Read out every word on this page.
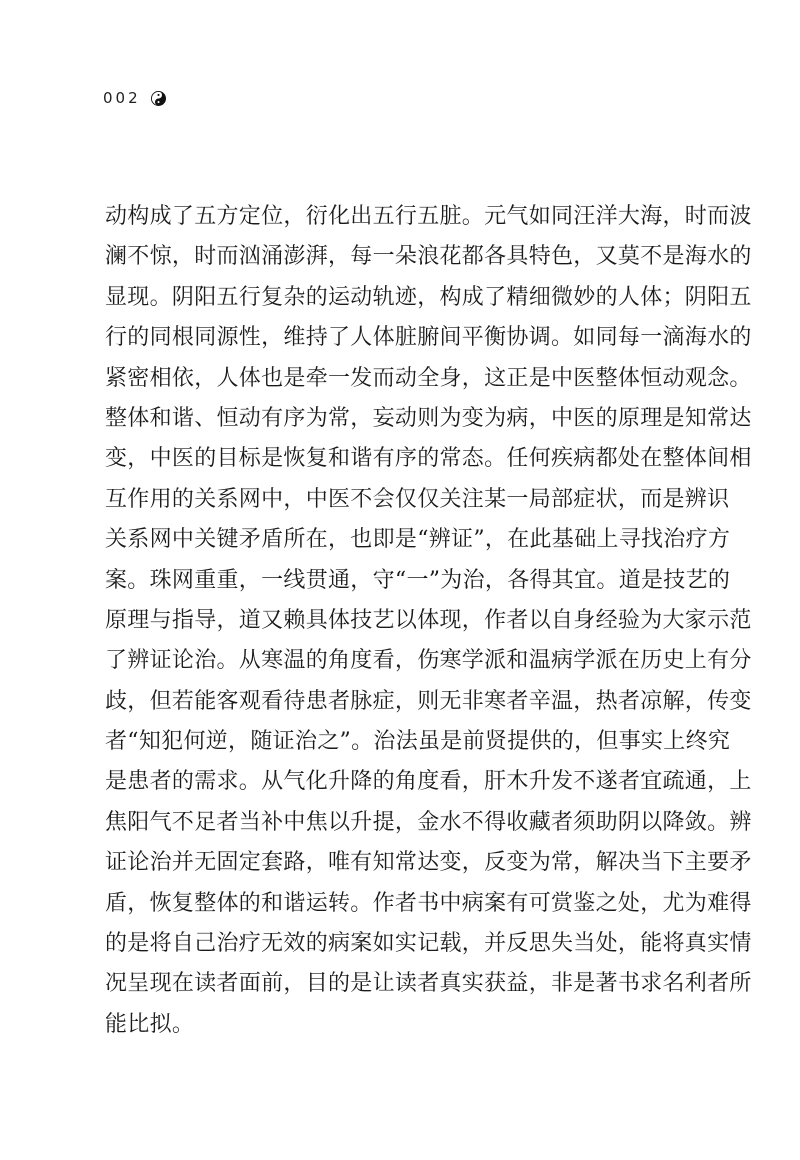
002
动构成了五方定位，衍化出五行五脏。元气如同汪洋大海，时而波
澜不惊，时而汹涌澎湃，每一朵浪花都各具特色，又莫不是海水的
显现。阴阳五行复杂的运动轨迹，构成了精细微妙的人体；阴阳五
行的同根同源性，维持了人体脏腑间平衡协调。如同每一滴海水的
紧密相依，人体也是牵一发而动全身，这正是中医整体恒动观念。
整体和谐、恒动有序为常，妄动则为变为病，中医的原理是知常达
变，中医的目标是恢复和谐有序的常态。任何疾病都处在整体间相
互作用的关系网中，中医不会仅仅关注某一局部症状，而是辨识
关系网中关键矛盾所在，也即是“辨证”，在此基础上寻找治疗方
案。珠网重重，一线贯通，守“一”为治，各得其宜。道是技艺的
原理与指导，道又赖具体技艺以体现，作者以自身经验为大家示范
了辨证论治。从寒温的角度看，伤寒学派和温病学派在历史上有分
歧，但若能客观看待患者脉症，则无非寒者辛温，热者凉解，传变
者“知犯何逆，随证治之”。治法虽是前贤提供的，但事实上终究
是患者的需求。从气化升降的角度看，肝木升发不遂者宜疏通，上
焦阳气不足者当补中焦以升提，金水不得收藏者须助阴以降敛。辨
证论治并无固定套路，唯有知常达变，反变为常，解决当下主要矛
盾，恢复整体的和谐运转。作者书中病案有可赏鉴之处，尤为难得
的是将自己治疗无效的病案如实记载，并反思失当处，能将真实情
况呈现在读者面前，目的是让读者真实获益，非是著书求名利者所
能比拟。
